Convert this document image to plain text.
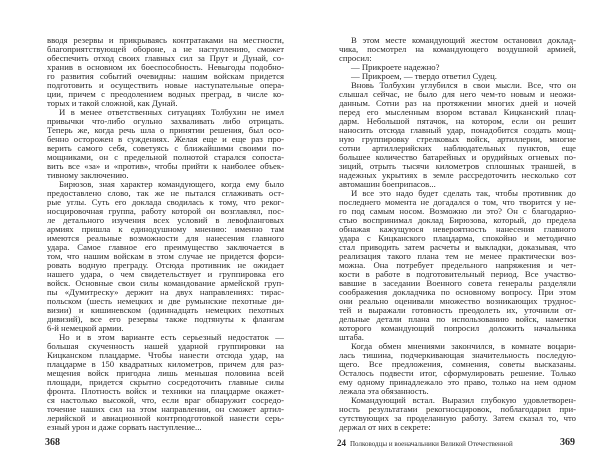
вводя резервы и прикрываясь контратаками на местности,
благоприятствующей обороне, а не наступлению, сможет
обеспечить отход своих главных сил за Прут и Дунай, со-
хранив в основном их боеспособность. Невыгоды подобно-
го развития событий очевидны: нашим войскам придется
подготовить и осуществить новые наступательные опера-
ции, причем с преодолением водных преград, в числе ко-
торых и такой сложной, как Дунай.
И в менее ответственных ситуациях Толбухин не имел
привычки что-либо огульно захваливать либо отрицать.
Теперь же, когда речь шла о принятии решения, был осо-
бенно осторожен в суждениях. Желая еще и еще раз про-
верить самого себя, советуясь с ближайшими своими по-
мощниками, он с предельной полнотой старался сопоста-
вить все «за» и «против», чтобы прийти к наиболее объек-
тивному заключению.
Бирюзов, зная характер командующего, когда ему было
предоставлено слово, так же не пытался сглаживать ост-
рые углы. Суть его доклада сводилась к тому, что реког-
носцировочная группа, работу которой он возглавлял, пос-
ле детального изучения всех условий в левофланговых
армиях пришла к единодушному мнению: именно там
имеются реальные возможности для нанесения главного
удара. Самое главное его преимущество заключается в
том, что нашим войскам в этом случае не придется форси-
ровать водную преграду. Отсюда противник не ожидает
нашего удара, о чем свидетельствует и группировка его
войск. Основные свои силы командование армейской груп-
пы «Думитреску» держит на двух направлениях: тирас-
польском (шесть немецких и две румынские пехотные ди-
визии) и кишиневском (одиннадцать немецких пехотных
дивизий), все его резервы также подтянуты к флангам
6-й немецкой армии.
Но и в этом варианте есть серьезный недостаток —
большая скученность нашей ударной группировки на
Кицканском плацдарме. Чтобы нанести отсюда удар, на
плацдарме в 150 квадратных километров, причем для раз-
мещения войск пригодна лишь меньшая половина всей
площади, придется скрытно сосредоточить главные силы
фронта. Плотность войск и техники на плацдарме окажет-
ся настолько высокой, что, если враг обнаружит сосредо-
точение наших сил на этом направлении, он сможет артил-
лерийской и авиационной контрподготовкой нанести серь-
езный урон и даже сорвать наступление...
В этом месте командующий жестом остановил доклад-
чика, посмотрел на командующего воздушной армией,
спросил:
— Прикроете надежно?
— Прикроем, — твердо ответил Судец.
Вновь Толбухин углубился в свои мысли. Все, что он
слышал сейчас, не было для него чем-то новым и неожи-
данным. Сотни раз на протяжении многих дней и ночей
перед его мысленным взором вставал Кицканский плац-
дарм. Небольшой пятачок, на котором, если он решит
наносить отсюда главный удар, понадобится создать мощ-
ную группировку стрелковых войск, артиллерии, многие
сотни артиллерийских наблюдательных пунктов, еще
большее количество батарейных и орудийных огневых по-
зиций, отрыть тысячи километров сплошных траншей, в
надежных укрытиях в земле рассредоточить несколько сот
автомашин боеприпасов...
И все это надо будет сделать так, чтобы противник до
последнего момента не догадался о том, что творится у не-
го под самым носом. Возможно ли это? Он с благодарно-
стью воспринимал доклад Бирюзова, который, до предела
обнажая кажущуюся невероятность нанесения главного
удара с Кицканского плацдарма, спокойно и методично
стал приводить затем расчеты и выкладки, доказывая, что
реализация такого плана тем не менее практически воз-
можна. Она потребует предельного напряжения и чет-
кости в работе в подготовительный период. Все участво-
вавшие в заседании Военного совета генералы разделяли
соображения докладчика по основному вопросу. При этом
они реально оценивали множество возникающих труднос-
тей и выражали готовность преодолеть их, уточнили от-
дельные детали плана по использованию войск, наметки
которого командующий попросил доложить начальника
штаба.
Когда обмен мнениями закончился, в комнате воцари-
лась тишина, подчеркивающая значительность последую-
щего. Все предложения, сомнения, советы высказаны.
Осталось подвести итог, сформулировать решение. Только
ему одному принадлежало это право, только на нем одном
лежала эта обязанность.
Командующий встал. Выразил глубокую удовлетворен-
ность результатами рекогносцировок, поблагодарил при-
сутствующих за проделанную работу. Затем сказал то, что
держал от них в секрете:
368	24 Полководцы и военачальники Великой Отечественной	369
